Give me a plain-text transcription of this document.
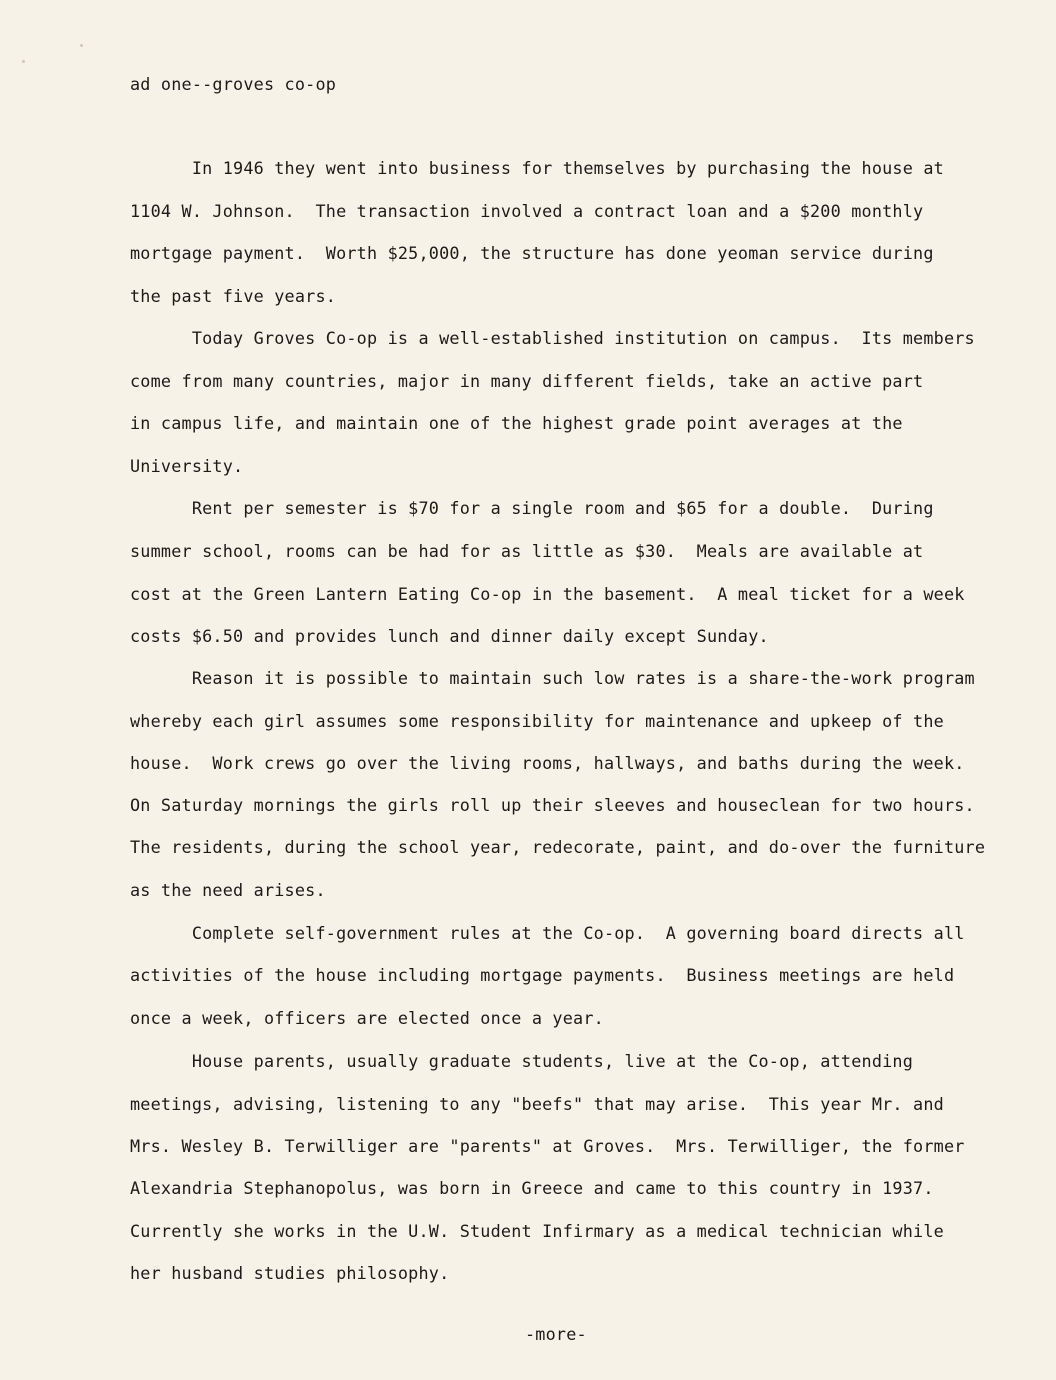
ad one--groves co-op
In 1946 they went into business for themselves by purchasing the house at
1104 W. Johnson.  The transaction involved a contract loan and a $200 monthly
mortgage payment.  Worth $25,000, the structure has done yeoman service during
the past five years.
Today Groves Co-op is a well-established institution on campus.  Its members
come from many countries, major in many different fields, take an active part
in campus life, and maintain one of the highest grade point averages at the
University.
Rent per semester is $70 for a single room and $65 for a double.  During
summer school, rooms can be had for as little as $30.  Meals are available at
cost at the Green Lantern Eating Co-op in the basement.  A meal ticket for a week
costs $6.50 and provides lunch and dinner daily except Sunday.
Reason it is possible to maintain such low rates is a share-the-work program
whereby each girl assumes some responsibility for maintenance and upkeep of the
house.  Work crews go over the living rooms, hallways, and baths during the week.
On Saturday mornings the girls roll up their sleeves and houseclean for two hours.
The residents, during the school year, redecorate, paint, and do-over the furniture
as the need arises.
Complete self-government rules at the Co-op.  A governing board directs all
activities of the house including mortgage payments.  Business meetings are held
once a week, officers are elected once a year.
House parents, usually graduate students, live at the Co-op, attending
meetings, advising, listening to any "beefs" that may arise.  This year Mr. and
Mrs. Wesley B. Terwilliger are "parents" at Groves.  Mrs. Terwilliger, the former
Alexandria Stephanopolus, was born in Greece and came to this country in 1937.
Currently she works in the U.W. Student Infirmary as a medical technician while
her husband studies philosophy.
-more-
